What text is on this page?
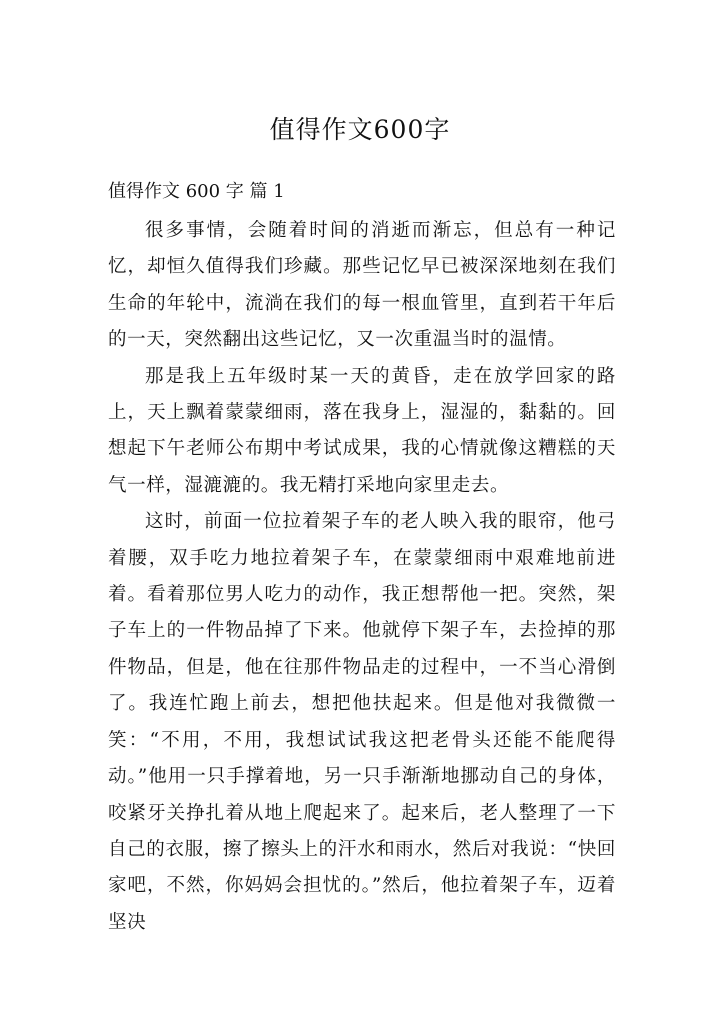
值得作文600字
值得作文 600 字 篇 1

很多事情，会随着时间的消逝而渐忘，但总有一种记忆，却恒久值得我们珍藏。那些记忆早已被深深地刻在我们生命的年轮中，流淌在我们的每一根血管里，直到若干年后的一天，突然翻出这些记忆，又一次重温当时的温情。

那是我上五年级时某一天的黄昏，走在放学回家的路上，天上飘着蒙蒙细雨，落在我身上，湿湿的，黏黏的。回想起下午老师公布期中考试成果，我的心情就像这糟糕的天气一样，湿漉漉的。我无精打采地向家里走去。

这时，前面一位拉着架子车的老人映入我的眼帘，他弓着腰，双手吃力地拉着架子车，在蒙蒙细雨中艰难地前进着。看着那位男人吃力的动作，我正想帮他一把。突然，架子车上的一件物品掉了下来。他就停下架子车，去捡掉的那件物品，但是，他在往那件物品走的过程中，一不当心滑倒了。我连忙跑上前去，想把他扶起来。但是他对我微微一笑：“不用，不用，我想试试我这把老骨头还能不能爬得动。”他用一只手撑着地，另一只手渐渐地挪动自己的身体，咬紧牙关挣扎着从地上爬起来了。起来后，老人整理了一下自己的衣服，擦了擦头上的汗水和雨水，然后对我说：“快回家吧，不然，你妈妈会担忧的。”然后，他拉着架子车，迈着坚决
